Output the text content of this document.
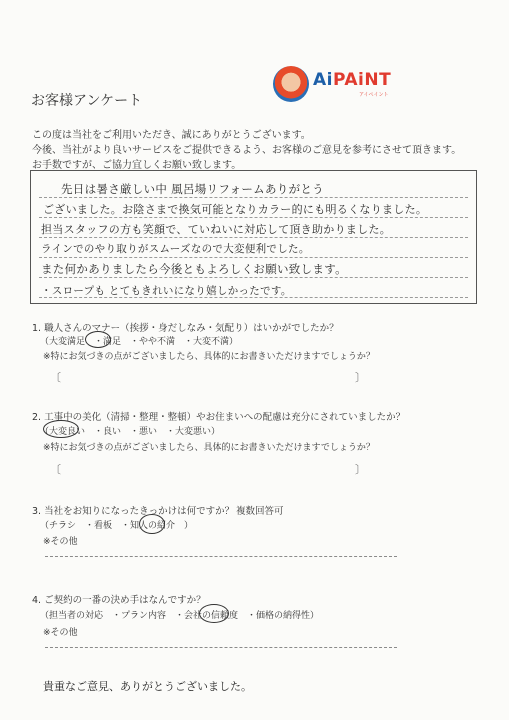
AiPAiNT
アイペイント
お客様アンケート
この度は当社をご利用いただき、誠にありがとうございます。
今後、当社がより良いサービスをご提供できるよう、お客様のご意見を参考にさせて頂きます。
お手数ですが、ご協力宜しくお願い致します。
先日は暑さ厳しい中 風呂場リフォームありがとう
ございました。お陰さまで換気可能となりカラー的にも明るくなりました。
担当スタッフの方も笑顔で、ていねいに対応して頂き助かりました。
ラインでのやり取りがスムーズなので大変便利でした。
また何かありましたら今後ともよろしくお願い致します。
・スロープも とてもきれいになり嬉しかったです。
1. 職人さんのマナー（挨拶・身だしなみ・気配り）はいかがでしたか？
（大変満足　・満足　・やや不満　・大変不満）
※特にお気づきの点がございましたら、具体的にお書きいただけますでしょうか？
〔	〕
2. 工事中の美化（清掃・整理・整頓）やお住まいへの配慮は充分にされていましたか？
（大変良い　・良い　・悪い　・大変悪い）
※特にお気づきの点がございましたら、具体的にお書きいただけますでしょうか？
〔	〕
3. 当社をお知りになったきっかけは何ですか？ 複数回答可
（チラシ　・看板　・知人の紹介　）
※その他
4. ご契約の一番の決め手はなんですか？
（担当者の対応　・プラン内容　・会社の信頼度　・価格の納得性）
※その他
貴重なご意見、ありがとうございました。
